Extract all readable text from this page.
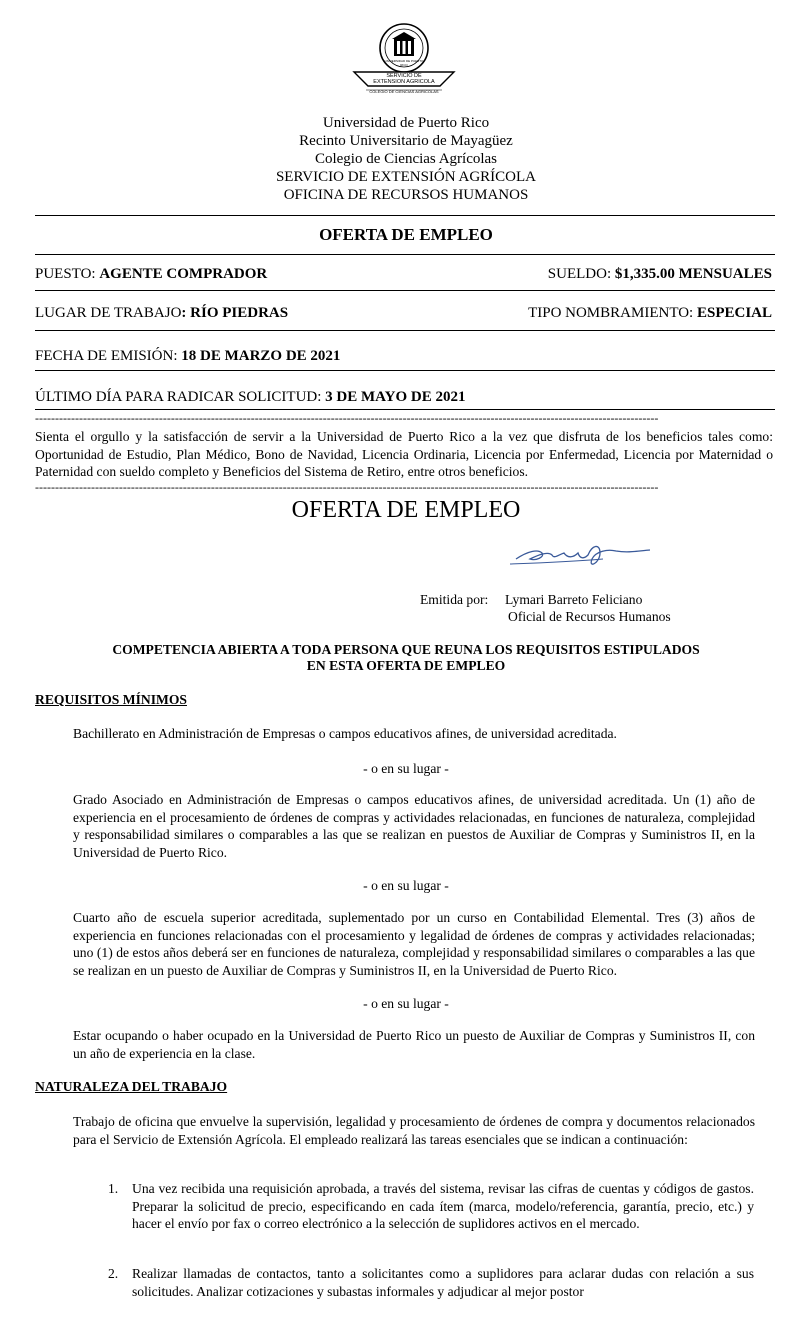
SERVICIO DE
EXTENSION AGRICOLA
COLEGIO DE CIENCIAS AGRICOLAS
UNIVERSIDAD DE PUERTO RICO
Universidad de Puerto Rico
Recinto Universitario de Mayagüez
Colegio de Ciencias Agrícolas
SERVICIO DE EXTENSIÓN AGRÍCOLA
OFICINA DE RECURSOS HUMANOS
OFERTA DE EMPLEO
PUESTO: AGENTE COMPRADOR	SUELDO: $1,335.00 MENSUALES
LUGAR DE TRABAJO: RÍO PIEDRAS	TIPO NOMBRAMIENTO: ESPECIAL
FECHA DE EMISIÓN: 18 DE MARZO DE 2021
ÚLTIMO DÍA PARA RADICAR SOLICITUD: 3 DE MAYO DE 2021
------------------------------------------------------------------------------------------------------------------------------------------------------------
Sienta el orgullo y la satisfacción de servir a la Universidad de Puerto Rico a la vez que disfruta de los beneficios tales como: Oportunidad de Estudio, Plan Médico, Bono de Navidad, Licencia Ordinaria, Licencia por Enfermedad, Licencia por Maternidad o Paternidad con sueldo completo y Beneficios del Sistema de Retiro, entre otros beneficios.
------------------------------------------------------------------------------------------------------------------------------------------------------------
OFERTA DE EMPLEO
Emitida por: Lymari Barreto Feliciano
Oficial de Recursos Humanos
COMPETENCIA ABIERTA A TODA PERSONA QUE REUNA LOS REQUISITOS ESTIPULADOS
EN ESTA OFERTA DE EMPLEO
REQUISITOS MÍNIMOS
Bachillerato en Administración de Empresas o campos educativos afines, de universidad acreditada.
- o en su lugar -
Grado Asociado en Administración de Empresas o campos educativos afines, de universidad acreditada. Un (1) año de experiencia en el procesamiento de órdenes de compras y actividades relacionadas, en funciones de naturaleza, complejidad y responsabilidad similares o comparables a las que se realizan en puestos de Auxiliar de Compras y Suministros II, en la Universidad de Puerto Rico.
- o en su lugar -
Cuarto año de escuela superior acreditada, suplementado por un curso en Contabilidad Elemental. Tres (3) años de experiencia en funciones relacionadas con el procesamiento y legalidad de órdenes de compras y actividades relacionadas; uno (1) de estos años deberá ser en funciones de naturaleza, complejidad y responsabilidad similares o comparables a las que se realizan en un puesto de Auxiliar de Compras y Suministros II, en la Universidad de Puerto Rico.
- o en su lugar -
Estar ocupando o haber ocupado en la Universidad de Puerto Rico un puesto de Auxiliar de Compras y Suministros II, con un año de experiencia en la clase.
NATURALEZA DEL TRABAJO
Trabajo de oficina que envuelve la supervisión, legalidad y procesamiento de órdenes de compra y documentos relacionados para el Servicio de Extensión Agrícola. El empleado realizará las tareas esenciales que se indican a continuación:
1. Una vez recibida una requisición aprobada, a través del sistema, revisar las cifras de cuentas y códigos de gastos. Preparar la solicitud de precio, especificando en cada ítem (marca, modelo/referencia, garantía, precio, etc.) y hacer el envío por fax o correo electrónico a la selección de suplidores activos en el mercado.
2. Realizar llamadas de contactos, tanto a solicitantes como a suplidores para aclarar dudas con relación a sus solicitudes. Analizar cotizaciones y subastas informales y adjudicar al mejor postor
